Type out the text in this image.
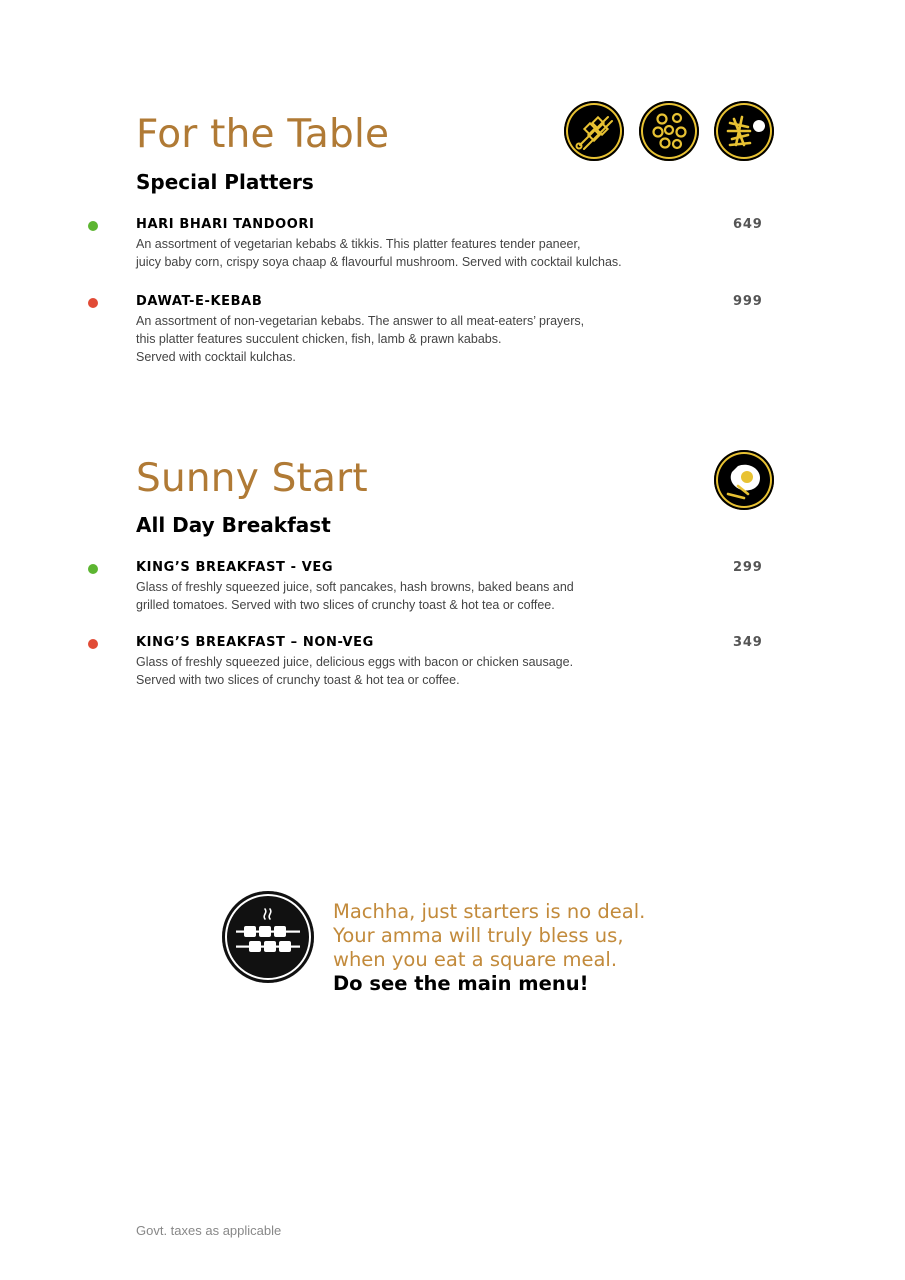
For the Table
Special Platters
HARI BHARI TANDOORI	649
An assortment of vegetarian kebabs & tikkis. This platter features tender paneer,
juicy baby corn, crispy soya chaap & flavourful mushroom. Served with cocktail kulchas.
DAWAT-E-KEBAB	999
An assortment of non-vegetarian kebabs. The answer to all meat-eaters’ prayers,
this platter features succulent chicken, fish, lamb & prawn kababs.
Served with cocktail kulchas.
Sunny Start
All Day Breakfast
KING’S BREAKFAST - VEG	299
Glass of freshly squeezed juice, soft pancakes, hash browns, baked beans and
grilled tomatoes. Served with two slices of crunchy toast & hot tea or coffee.
KING’S BREAKFAST – NON-VEG	349
Glass of freshly squeezed juice, delicious eggs with bacon or chicken sausage.
Served with two slices of crunchy toast & hot tea or coffee.
Machha, just starters is no deal.
Your amma will truly bless us,
when you eat a square meal.
Do see the main menu!
Govt. taxes as applicable
